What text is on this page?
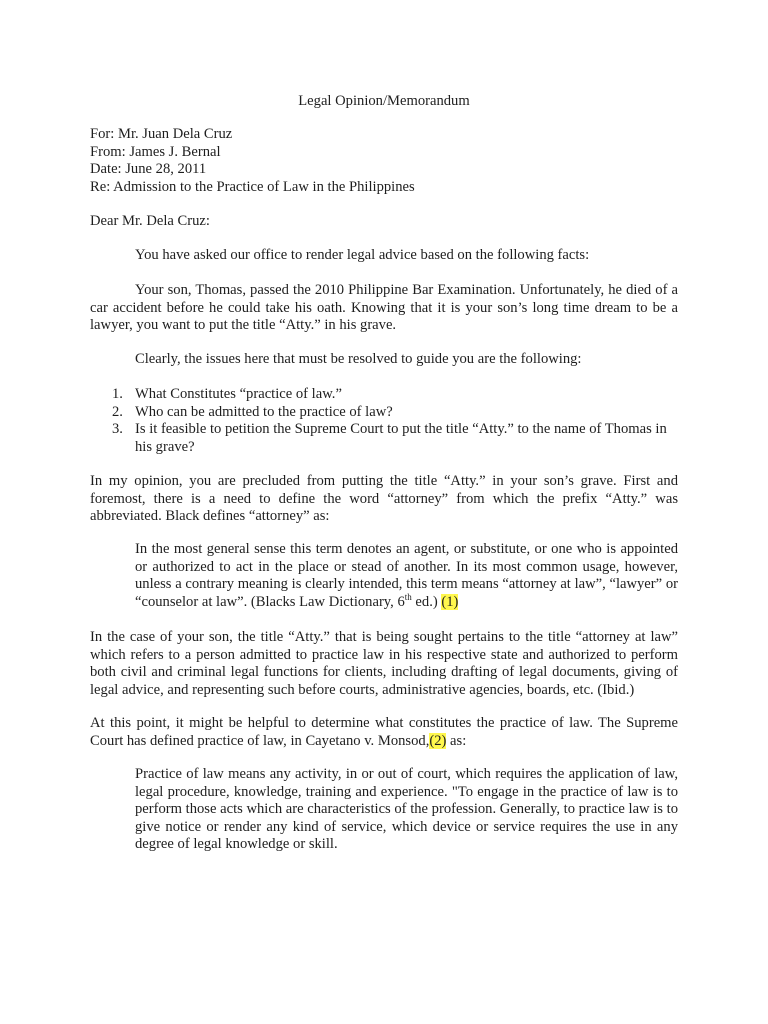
Legal Opinion/Memorandum
For: Mr. Juan Dela Cruz
From: James J. Bernal
Date: June 28, 2011
Re: Admission to the Practice of Law in the Philippines
Dear Mr. Dela Cruz:
You have asked our office to render legal advice based on the following facts:
Your son, Thomas, passed the 2010 Philippine Bar Examination. Unfortunately, he died of a car accident before he could take his oath. Knowing that it is your son’s long time dream to be a lawyer, you want to put the title “Atty.” in his grave.
Clearly, the issues here that must be resolved to guide you are the following:
1. What Constitutes “practice of law.”
2. Who can be admitted to the practice of law?
3. Is it feasible to petition the Supreme Court to put the title “Atty.” to the name of Thomas in his grave?
In my opinion, you are precluded from putting the title “Atty.” in your son’s grave. First and foremost, there is a need to define the word “attorney” from which the prefix “Atty.” was abbreviated. Black defines “attorney” as:
In the most general sense this term denotes an agent, or substitute, or one who is appointed or authorized to act in the place or stead of another. In its most common usage, however, unless a contrary meaning is clearly intended, this term means “attorney at law”, “lawyer” or “counselor at law”. (Blacks Law Dictionary, 6th ed.) (1)
In the case of your son, the title “Atty.” that is being sought pertains to the title “attorney at law” which refers to a person admitted to practice law in his respective state and authorized to perform both civil and criminal legal functions for clients, including drafting of legal documents, giving of legal advice, and representing such before courts, administrative agencies, boards, etc. (Ibid.)
At this point, it might be helpful to determine what constitutes the practice of law. The Supreme Court has defined practice of law, in Cayetano v. Monsod,(2) as:
Practice of law means any activity, in or out of court, which requires the application of law, legal procedure, knowledge, training and experience. "To engage in the practice of law is to perform those acts which are characteristics of the profession. Generally, to practice law is to give notice or render any kind of service, which device or service requires the use in any degree of legal knowledge or skill.
